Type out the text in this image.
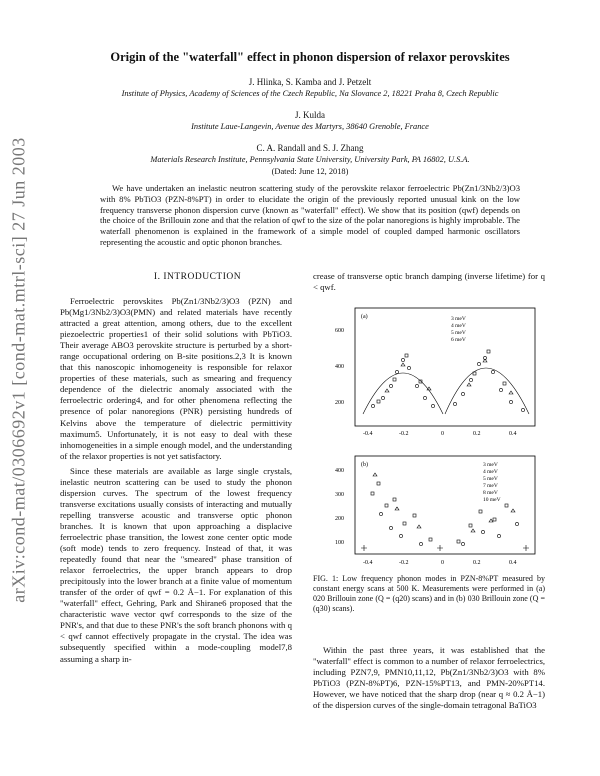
arXiv:cond-mat/0306692v1 [cond-mat.mtrl-sci] 27 Jun 2003
Origin of the "waterfall" effect in phonon dispersion of relaxor perovskites
J. Hlinka, S. Kamba and J. Petzelt
Institute of Physics, Academy of Sciences of the Czech Republic, Na Slovance 2, 18221 Praha 8, Czech Republic
J. Kulda
Institute Laue-Langevin, Avenue des Martyrs, 38640 Grenoble, France
C. A. Randall and S. J. Zhang
Materials Research Institute, Pennsylvania State University, University Park, PA 16802, U.S.A.
(Dated: June 12, 2018)
We have undertaken an inelastic neutron scattering study of the perovskite relaxor ferroelectric Pb(Zn1/3Nb2/3)O3 with 8% PbTiO3 (PZN-8%PT) in order to elucidate the origin of the previously reported unusual kink on the low frequency transverse phonon dispersion curve (known as "waterfall" effect). We show that its position (qwf) depends on the choice of the Brillouin zone and that the relation of qwf to the size of the polar nanoregions is highly improbable. The waterfall phenomenon is explained in the framework of a simple model of coupled damped harmonic oscillators representing the acoustic and optic phonon branches.
I. INTRODUCTION

Ferroelectric perovskites Pb(Zn1/3Nb2/3)O3 (PZN) and Pb(Mg1/3Nb2/3)O3(PMN) and related materials have recently attracted a great attention, among others, due to the excellent piezoelectric properties1 of their solid solutions with PbTiO3. Their average ABO3 perovskite structure is perturbed by a short-range occupational ordering on B-site positions.2,3 It is known that this nanoscopic inhomogeneity is responsible for relaxor properties of these materials, such as smearing and frequency dependence of the dielectric anomaly associated with the ferroelectric ordering4, and for other phenomena reflecting the presence of polar nanoregions (PNR) persisting hundreds of Kelvins above the temperature of dielectric permittivity maximum5. Unfortunately, it is not easy to deal with these inhomogeneities in a simple enough model, and the understanding of the relaxor properties is not yet satisfactory.

Since these materials are available as large single crystals, inelastic neutron scattering can be used to study the phonon dispersion curves. The spectrum of the lowest frequency transverse excitations usually consists of interacting and mutually repelling transverse acoustic and transverse optic phonon branches. It is known that upon approaching a displacive ferroelectric phase transition, the lowest zone center optic mode (soft mode) tends to zero frequency. Instead of that, it was repeatedly found that near the "smeared" phase transition of relaxor ferroelectrics, the upper branch appears to drop precipitously into the lower branch at a finite value of momentum transfer of the order of qwf = 0.2 Å−1. For explanation of this "waterfall" effect, Gehring, Park and Shirane6 proposed that the characteristic wave vector qwf corresponds to the size of the PNR's, and that due to these PNR's the soft branch phonons with q < qwf cannot effectively propagate in the crystal. The idea was subsequently specified within a mode-coupling model7,8 assuming a sharp in-

crease of transverse optic branch damping (inverse lifetime) for q < qwf.
600
400
200
-0.4	-0.2	0	0.2	0.4
(a)	3 meV
4 meV
5 meV
6 meV
400
300
200
100
-0.4	-0.2	0	0.2	0.4
(b)	3 meV
4 meV
5 meV
7 meV
8 meV
10 meV
FIG. 1: Low frequency phonon modes in PZN-8%PT measured by constant energy scans at 500 K. Measurements were performed in (a) 020 Brillouin zone (Q = (q20) scans) and in (b) 030 Brillouin zone (Q = (q30) scans).

Within the past three years, it was established that the "waterfall" effect is common to a number of relaxor ferroelectrics, including PZN7,9, PMN10,11,12, Pb(Zn1/3Nb2/3)O3 with 8% PbTiO3 (PZN-8%PT)6, PZN-15%PT13, and PMN-20%PT14. However, we have noticed that the sharp drop (near q ≈ 0.2 Å−1) of the dispersion curves of the single-domain tetragonal BaTiO3
